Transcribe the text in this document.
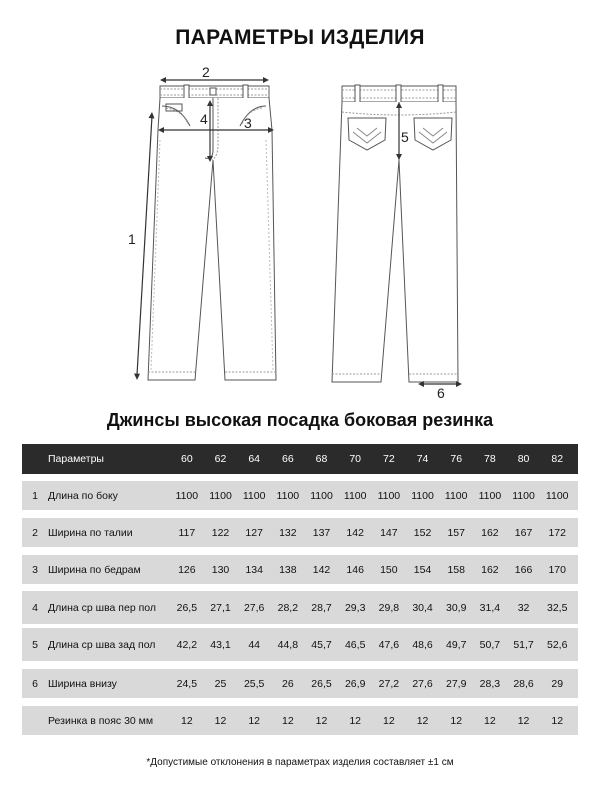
ПАРАМЕТРЫ ИЗДЕЛИЯ
2
3
4
1
5
6
Джинсы высокая посадка боковая резинка
Параметры	60	62	64	66	68	70	72	74	76	78	80	82
1 Длина по боку	1100	1100	1100	1100	1100	1100	1100	1100	1100	1100	1100	1100
2 Ширина по талии	117	122	127	132	137	142	147	152	157	162	167	172
3 Ширина по бедрам	126	130	134	138	142	146	150	154	158	162	166	170
4 Длина ср шва пер пол	26,5	27,1	27,6	28,2	28,7	29,3	29,8	30,4	30,9	31,4	32	32,5
5 Длина ср шва зад пол	42,2	43,1	44	44,8	45,7	46,5	47,6	48,6	49,7	50,7	51,7	52,6
6 Ширина внизу	24,5	25	25,5	26	26,5	26,9	27,2	27,6	27,9	28,3	28,6	29
Резинка в пояс 30 мм	12	12	12	12	12	12	12	12	12	12	12	12

*Допустимые отклонения в параметрах изделия составляет ±1 см
